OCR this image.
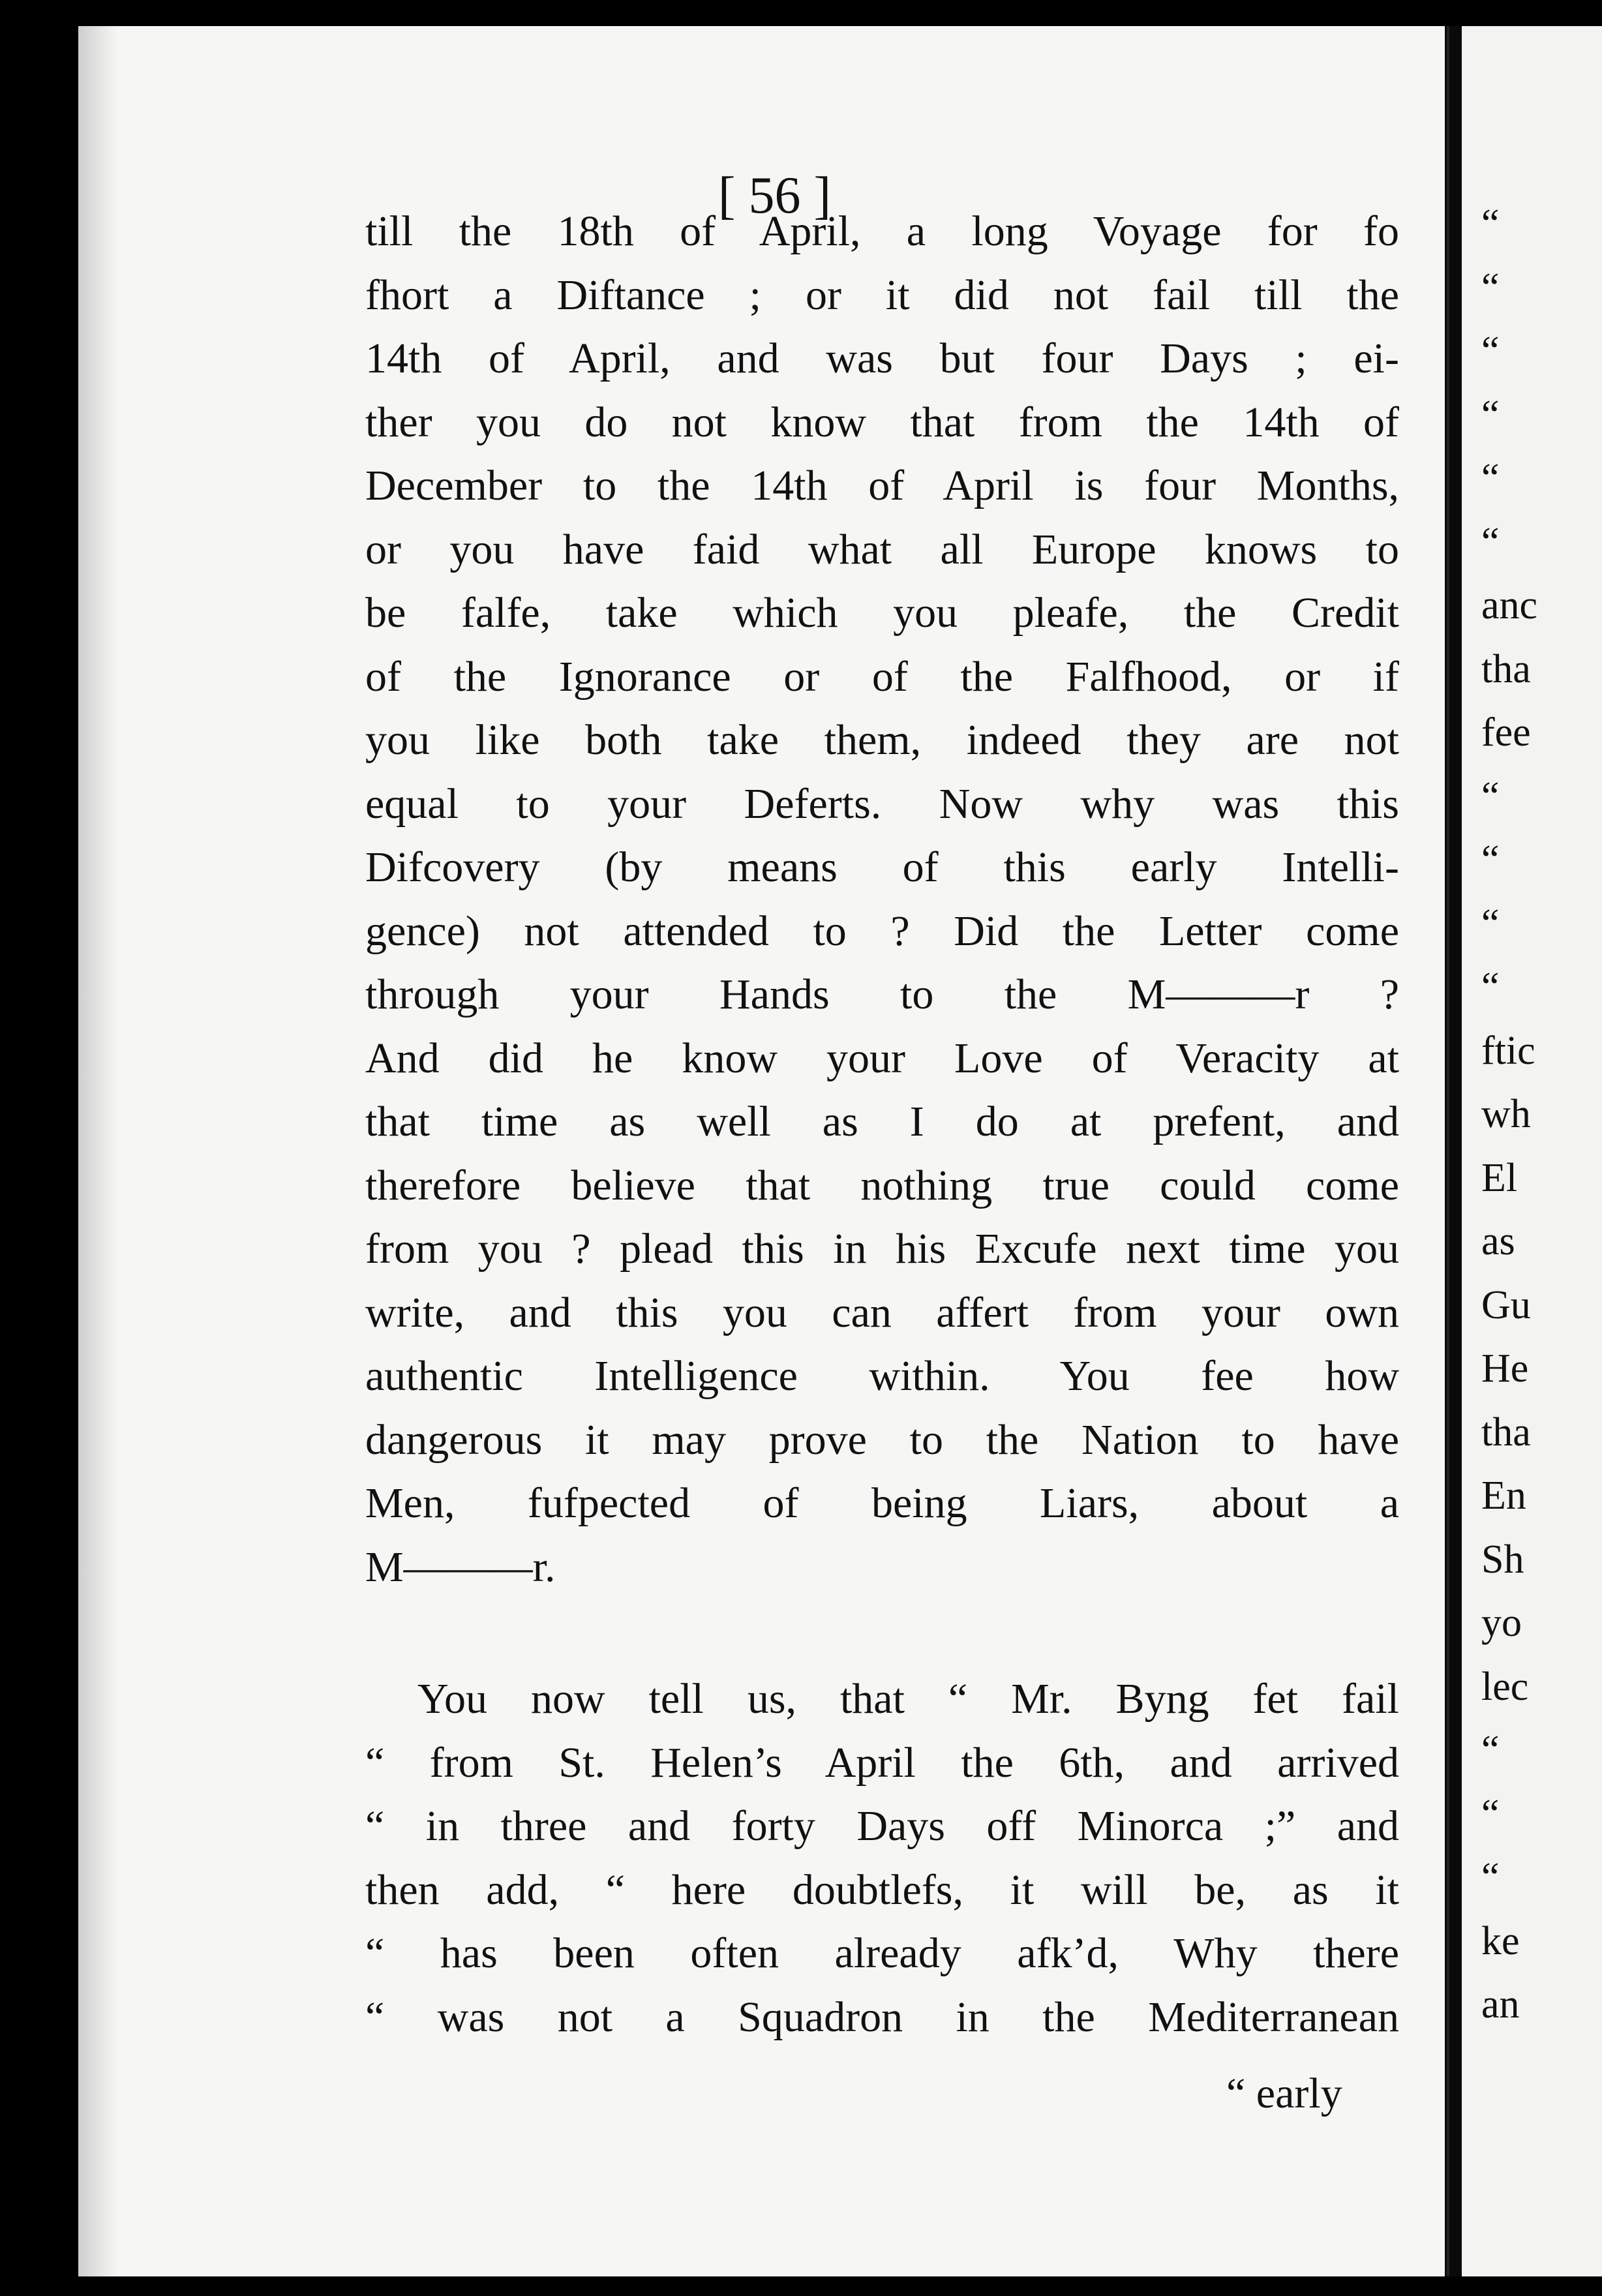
[ 56 ]	“
“
“
“
“
“
anc
tha
fee
“
“
“
“
ftic
wh
El
as
Gu
He
tha
En
Sh
yo
lec
“
“
“
ke
an
till the 18th of April, a long Voyage for fo
fhort a Diftance ; or it did not fail till the
14th of April, and was but four Days ; ei-
ther you do not know that from the 14th of
December to the 14th of April is four Months,
or you have faid what all Europe knows to
be falfe, take which you pleafe, the Credit
of the Ignorance or of the Falfhood, or if
you like both take them, indeed they are not
equal to your Deferts. Now why was this
Difcovery (by means of this early Intelli-
gence) not attended to ? Did the Letter come
through your Hands to the M———r ?
And did he know your Love of Veracity at
that time as well as I do at prefent, and
therefore believe that nothing true could come
from you ? plead this in his Excufe next time you
write, and this you can affert from your own
authentic Intelligence within. You fee how
dangerous it may prove to the Nation to have
Men, fufpected of being Liars, about a
M———r.
You now tell us, that “ Mr. Byng fet fail
“ from St. Helen’s April the 6th, and arrived
“ in three and forty Days off Minorca ;” and
then add, “ here doubtlefs, it will be, as it
“ has been often already afk’d, Why there
“ was not a Squadron in the Mediterranean
“ early
